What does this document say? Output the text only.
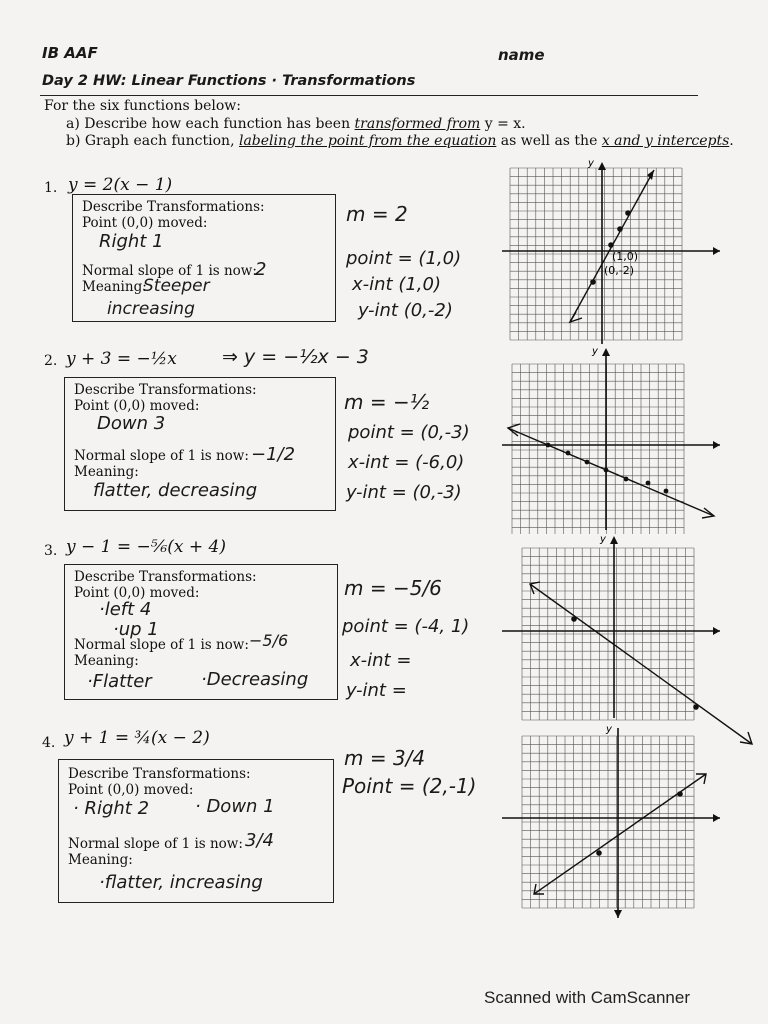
IB AAF	name
Day 2 HW: Linear Functions · Transformations
For the six functions below:
a) Describe how each function has been transformed from y = x.
b) Graph each function, labeling the point from the equation as well as the x and y intercepts.
1. y = 2(x − 1)
Describe Transformations:
Point (0,0) moved:
Right 1
Normal slope of 1 is now:
2
Meaning:
Steeper
increasing
m = 2
point = (1,0)
x-int (1,0)
y-int (0,-2)
y
(1,0)
(0,-2)
2. y + 3 = −½x ⇒ y = −½x − 3
Describe Transformations:
Point (0,0) moved:
Down 3
Normal slope of 1 is now: −1/2
Meaning:
flatter, decreasing
m = −½
point = (0,-3)
x-int = (-6,0)
y-int = (0,-3)
y
3. y − 1 = −⁵⁄₆(x + 4)
Describe Transformations:
Point (0,0) moved:
·left 4
·up 1
Normal slope of 1 is now: −5/6
Meaning:
·Flatter	·Decreasing
m = −5/6
point = (-4, 1)
x-int =
y-int =
y
4. y + 1 = ¾(x − 2)
Describe Transformations:
Point (0,0) moved:
· Right 2	· Down 1
Normal slope of 1 is now: 3/4
Meaning:
·flatter, increasing
m = 3/4
Point = (2,-1)
y
Scanned with CamScanner
